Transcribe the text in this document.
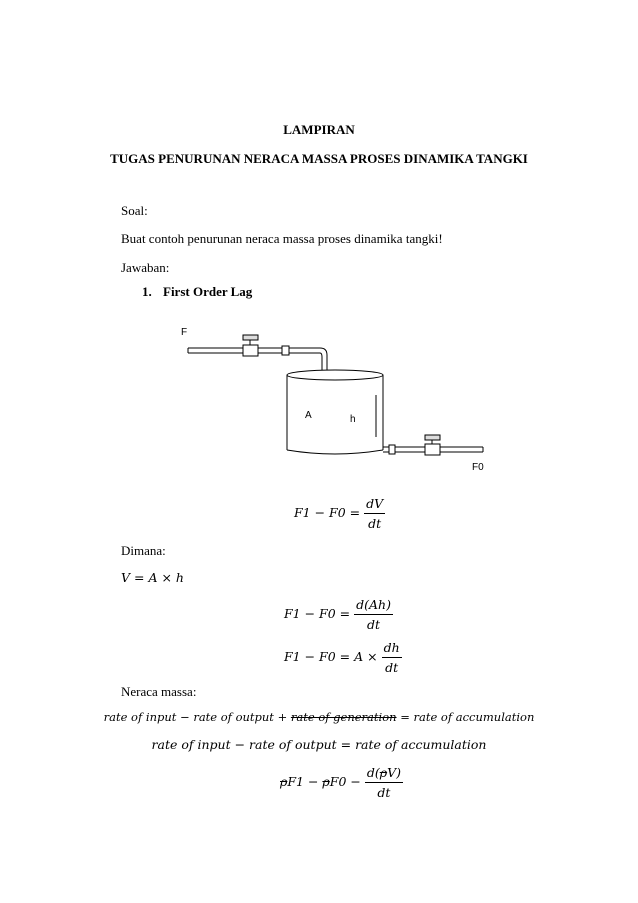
LAMPIRAN
TUGAS PENURUNAN NERACA MASSA PROSES DINAMIKA TANGKI
Soal:
Buat contoh penurunan neraca massa proses dinamika tangki!
Jawaban:
1. First Order Lag
F
A	h
F0
$F1 - F0 = \frac{dV}{dt}$
Dimana:
V = A × h
$F1 - F0 = \frac{d(Ah)}{dt}$
$F1 - F0 = A \times \frac{dh}{dt}$
Neraca massa:
rate of input − rate of output + rate of generation = rate of accumulation
rate of input − rate of output = rate of accumulation
$\rho F1 - \rho F0 - \frac{d(\rho V)}{dt}$
